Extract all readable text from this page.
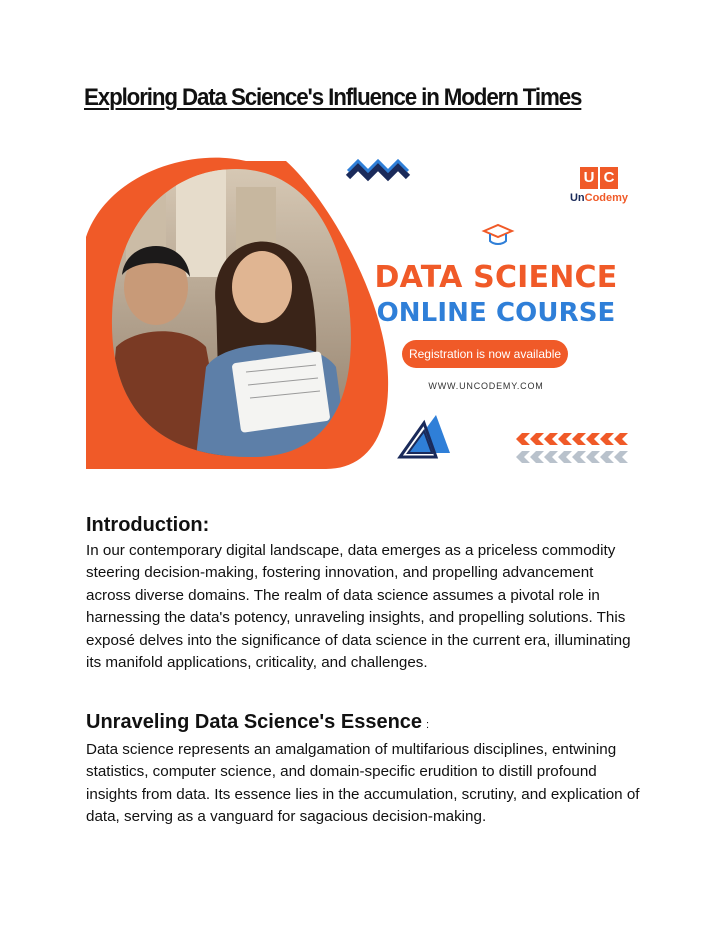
Exploring Data Science's Influence in Modern Times
U C
UnCodemy
DATA SCIENCE
ONLINE COURSE
Registration is now available
WWW.UNCODEMY.COM
Introduction:
In our contemporary digital landscape, data emerges as a priceless commodity steering decision-making, fostering innovation, and propelling advancement across diverse domains. The realm of data science assumes a pivotal role in harnessing the data's potency, unraveling insights, and propelling solutions. This exposé delves into the significance of data science in the current era, illuminating its manifold applications, criticality, and challenges.
Unraveling Data Science's Essence :
Data science represents an amalgamation of multifarious disciplines, entwining statistics, computer science, and domain-specific erudition to distill profound insights from data. Its essence lies in the accumulation, scrutiny, and explication of data, serving as a vanguard for sagacious decision-making.
